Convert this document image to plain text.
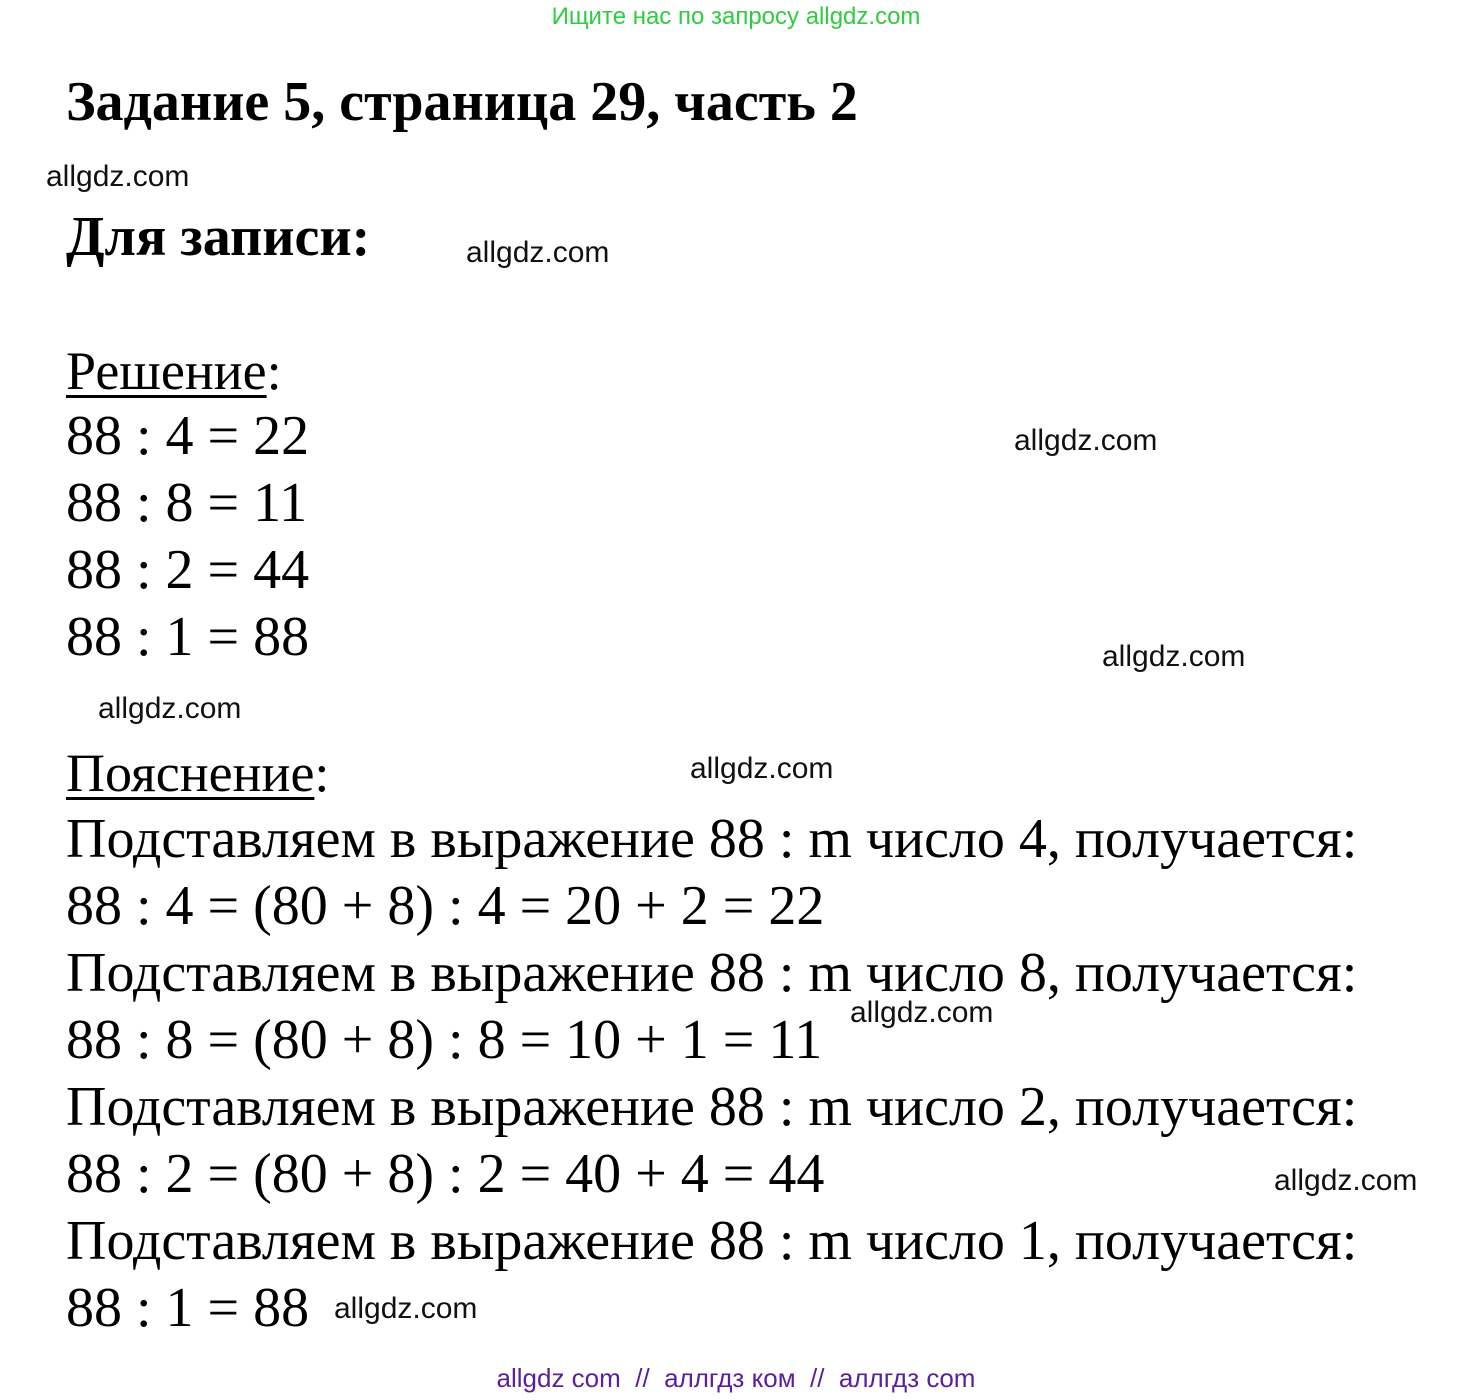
Ищите нас по запросу allgdz.com
Задание 5, страница 29, часть 2
Для записи:
Решение:
88 : 4 = 22
88 : 8 = 11
88 : 2 = 44
88 : 1 = 88
Пояснение:
Подставляем в выражение 88 : m число 4, получается:
88 : 4 = (80 + 8) : 4 = 20 + 2 = 22
Подставляем в выражение 88 : m число 8, получается:
88 : 8 = (80 + 8) : 8 = 10 + 1 = 11
Подставляем в выражение 88 : m число 2, получается:
88 : 2 = (80 + 8) : 2 = 40 + 4 = 44
Подставляем в выражение 88 : m число 1, получается:
88 : 1 = 88
allgdz.com
allgdz.com
allgdz.com
allgdz.com
allgdz.com
allgdz.com
allgdz.com
allgdz.com
allgdz.com
allgdz com  //  аллгдз ком  //  аллгдз com
